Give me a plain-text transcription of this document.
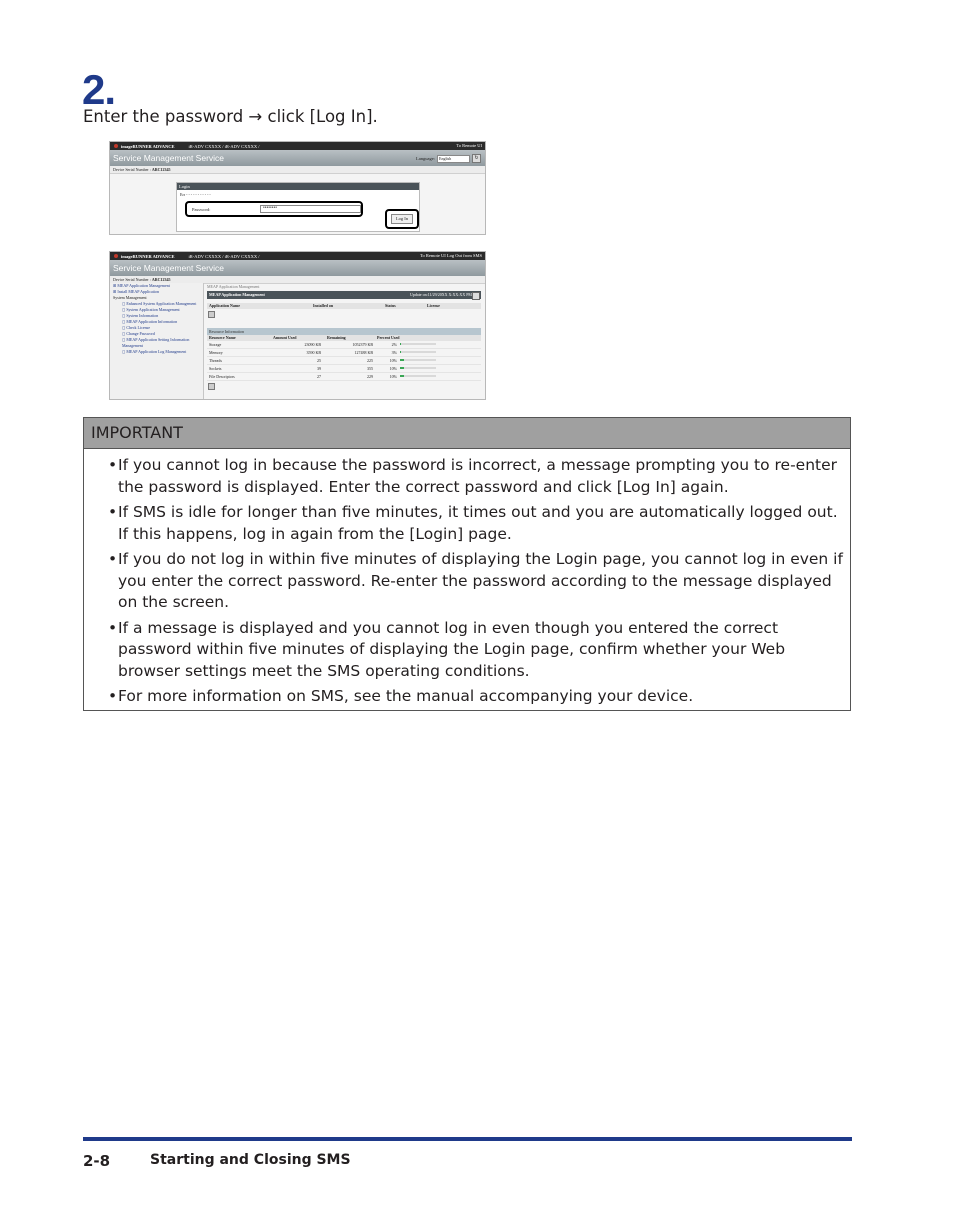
2.
Enter the password → click [Log In].
imageRUNNER ADVANCE	iR-ADV CXXXX / iR-ADV CXXXX /	To Remote UI
Service Management Service	Language:	English	↻
Device Serial Number : ARC12345
Login
Err - - - - - - - - - - -
Password:	••••••••
Log In
imageRUNNER ADVANCE	iR-ADV CXXXX / iR-ADV CXXXX /	To Remote UI Log Out from SMS
Service Management Service
Device Serial Number : ARC12345
⊞ MEAP Application Management
⊞ Install MEAP Application
System Management
◻ Enhanced System Application Management
◻ System Application Management
◻ System Information
◻ MEAP Application Information
◻ Check License
◻ Change Password
◻ MEAP Application Setting Information Management
◻ MEAP Application Log Management
MEAP Application Management
MEAP Application Management	Update on:11/29/20XX X:XX:XX PM
Application Name	Installed on	Status	License
Resource Information
Resource Name	Amount Used	Remaining	Percent Used
Storage	23090 KB	1052379 KB	2%
Memory	3590 KB	127488 KB	3%
Threads	25	225	10%
Sockets	39	355	10%
File Descriptors	27	229	10%
IMPORTANT
• If you cannot log in because the password is incorrect, a message prompting you to re-enter the password is displayed. Enter the correct password and click [Log In] again.
• If SMS is idle for longer than five minutes, it times out and you are automatically logged out. If this happens, log in again from the [Login] page.
• If you do not log in within five minutes of displaying the Login page, you cannot log in even if you enter the correct password. Re-enter the password according to the message displayed on the screen.
• If a message is displayed and you cannot log in even though you entered the correct password within five minutes of displaying the Login page, confirm whether your Web browser settings meet the SMS operating conditions.
• For more information on SMS, see the manual accompanying your device.
2-8	Starting and Closing SMS
